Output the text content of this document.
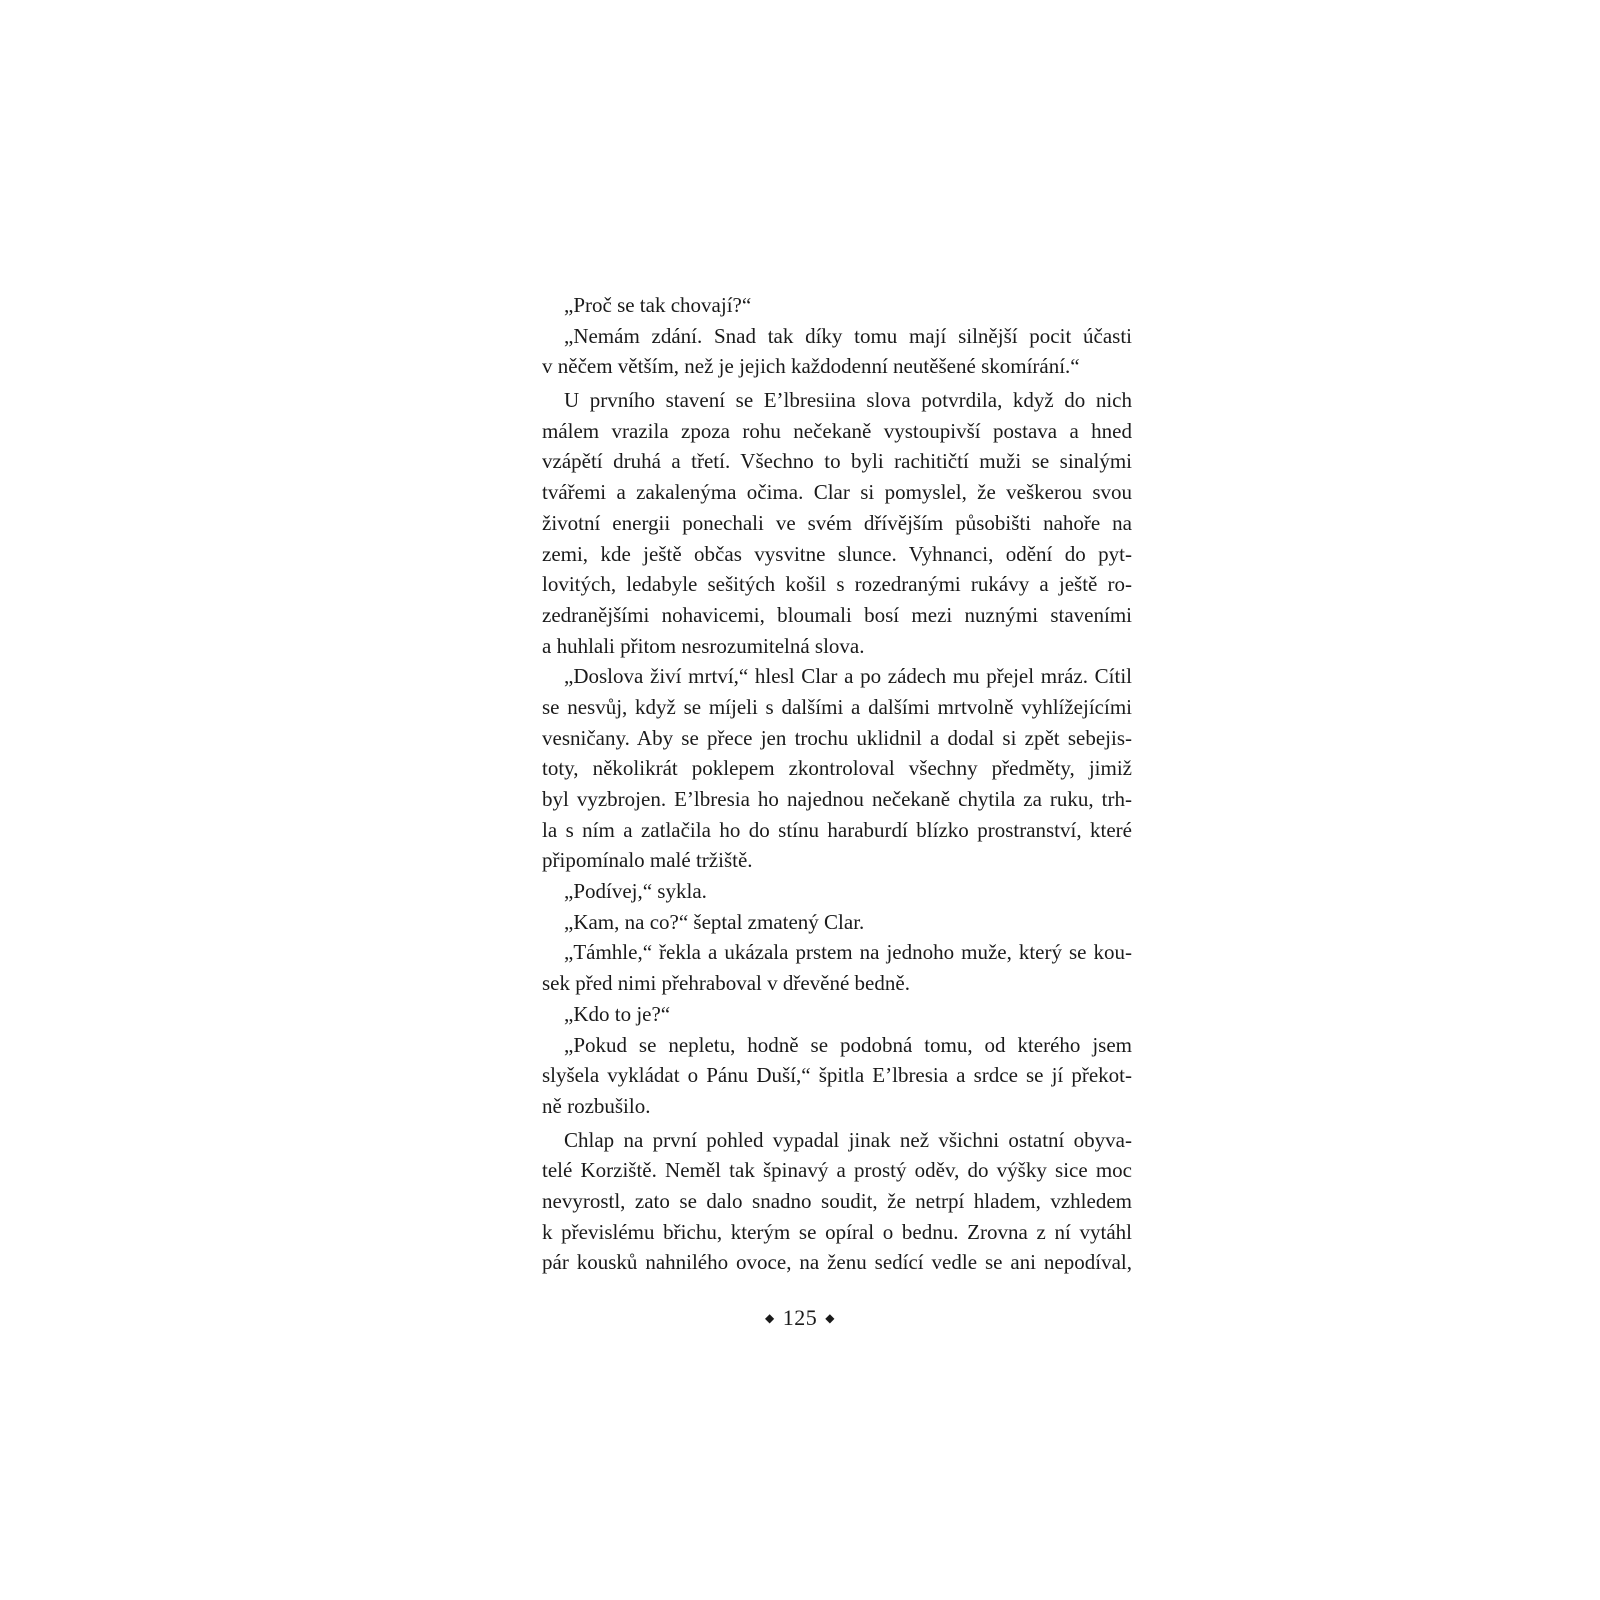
„Proč se tak chovají?“
„Nemám zdání. Snad tak díky tomu mají silnější pocit účasti
v něčem větším, než je jejich každodenní neutěšené skomírání.“
U prvního stavení se E’lbresiina slova potvrdila, když do nich
málem vrazila zpoza rohu nečekaně vystoupivší postava a hned
vzápětí druhá a třetí. Všechno to byli rachitičtí muži se sinalými
tvářemi a zakalenýma očima. Clar si pomyslel, že veškerou svou
životní energii ponechali ve svém dřívějším působišti nahoře na
zemi, kde ještě občas vysvitne slunce. Vyhnanci, odění do pyt-
lovitých, ledabyle sešitých košil s rozedranými rukávy a ještě ro-
zedranějšími nohavicemi, bloumali bosí mezi nuznými staveními
a huhlali přitom nesrozumitelná slova.
„Doslova živí mrtví,“ hlesl Clar a po zádech mu přejel mráz. Cítil
se nesvůj, když se míjeli s dalšími a dalšími mrtvolně vyhlížejícími
vesničany. Aby se přece jen trochu uklidnil a dodal si zpět sebejis-
toty, několikrát poklepem zkontroloval všechny předměty, jimiž
byl vyzbrojen. E’lbresia ho najednou nečekaně chytila za ruku, trh-
la s ním a zatlačila ho do stínu haraburdí blízko prostranství, které
připomínalo malé tržiště.
„Podívej,“ sykla.
„Kam, na co?“ šeptal zmatený Clar.
„Támhle,“ řekla a ukázala prstem na jednoho muže, který se kou-
sek před nimi přehraboval v dřevěné bedně.
„Kdo to je?“
„Pokud se nepletu, hodně se podobná tomu, od kterého jsem
slyšela vykládat o Pánu Duší,“ špitla E’lbresia a srdce se jí překot-
ně rozbušilo.
Chlap na první pohled vypadal jinak než všichni ostatní obyva-
telé Korziště. Neměl tak špinavý a prostý oděv, do výšky sice moc
nevyrostl, zato se dalo snadno soudit, že netrpí hladem, vzhledem
k převislému břichu, kterým se opíral o bednu. Zrovna z ní vytáhl
pár kousků nahnilého ovoce, na ženu sedící vedle se ani nepodíval,
◆ 125 ◆
